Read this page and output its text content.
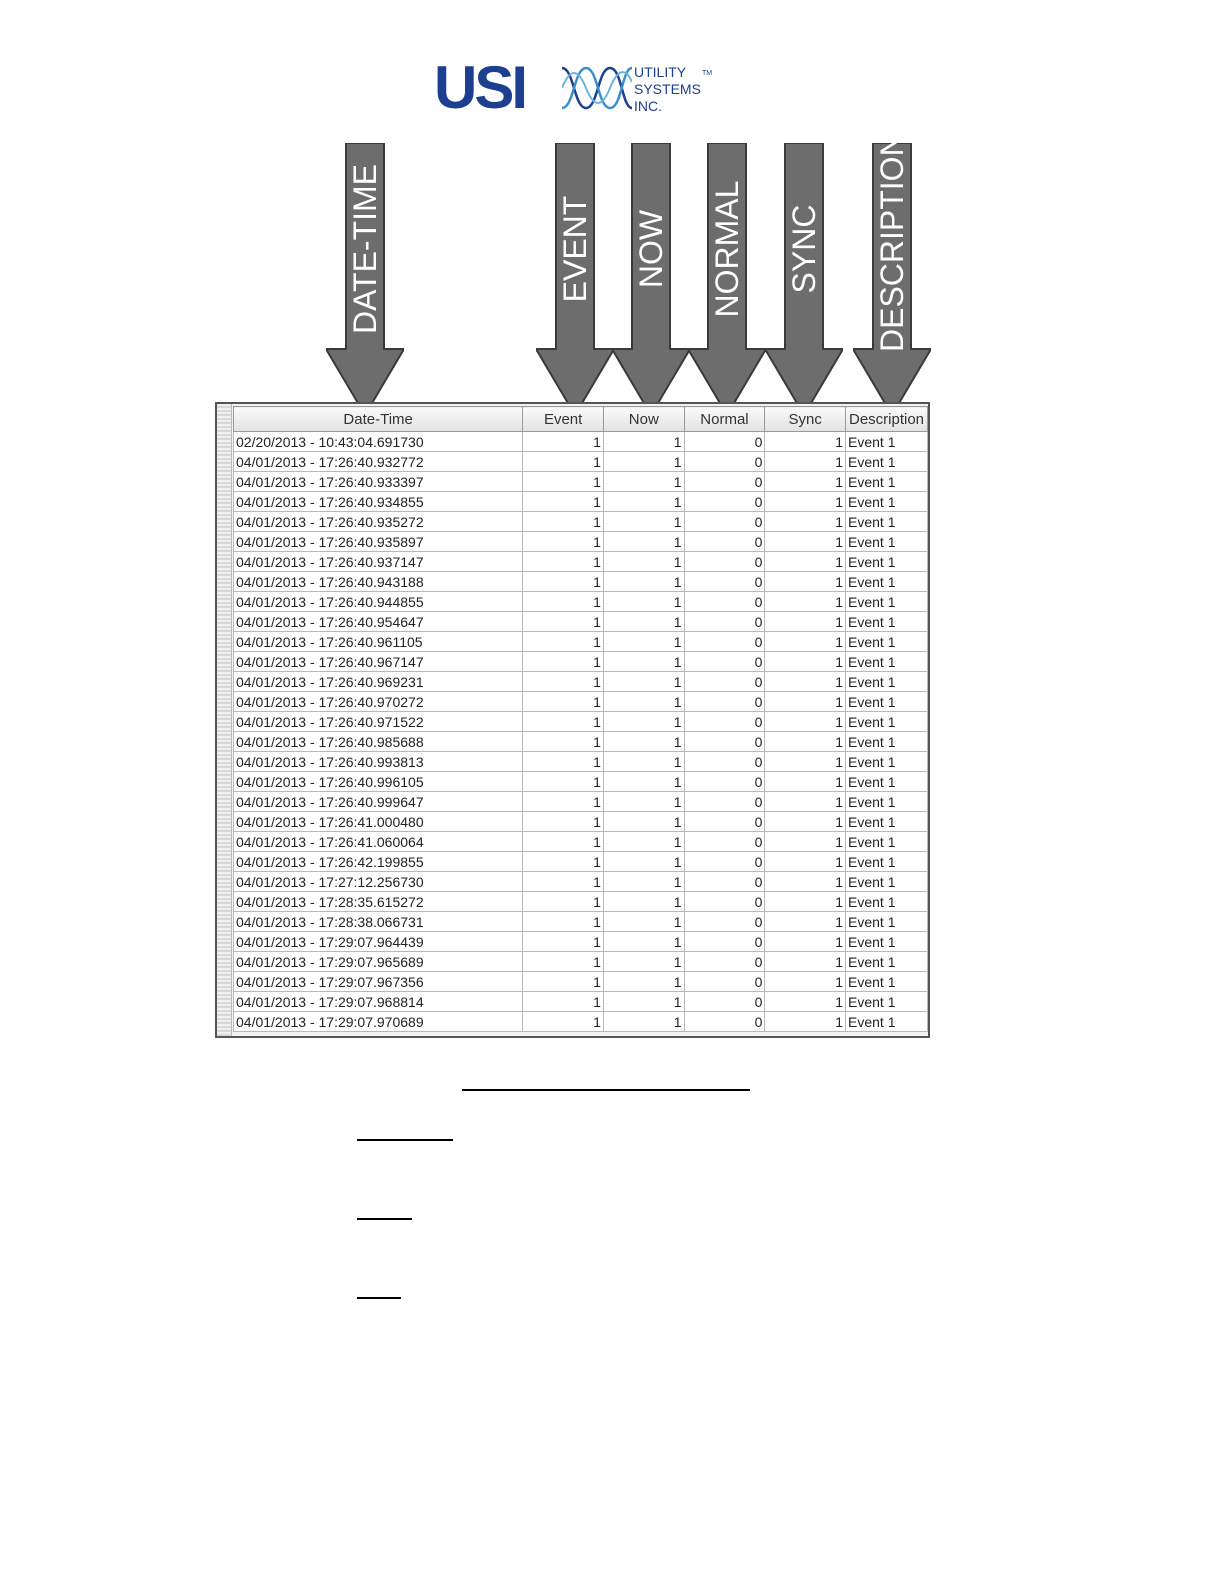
USI	UTILITY
SYSTEMS
INC.
TM
DATE-TIME	EVENT NOW NORMAL SYNC DESCRIPTION
Date-Time	Event	Now	Normal	Sync	Description
02/20/2013 - 10:43:04.691730	1	1	0	1	Event 1
04/01/2013 - 17:26:40.932772	1	1	0	1	Event 1
04/01/2013 - 17:26:40.933397	1	1	0	1	Event 1
04/01/2013 - 17:26:40.934855	1	1	0	1	Event 1
04/01/2013 - 17:26:40.935272	1	1	0	1	Event 1
04/01/2013 - 17:26:40.935897	1	1	0	1	Event 1
04/01/2013 - 17:26:40.937147	1	1	0	1	Event 1
04/01/2013 - 17:26:40.943188	1	1	0	1	Event 1
04/01/2013 - 17:26:40.944855	1	1	0	1	Event 1
04/01/2013 - 17:26:40.954647	1	1	0	1	Event 1
04/01/2013 - 17:26:40.961105	1	1	0	1	Event 1
04/01/2013 - 17:26:40.967147	1	1	0	1	Event 1
04/01/2013 - 17:26:40.969231	1	1	0	1	Event 1
04/01/2013 - 17:26:40.970272	1	1	0	1	Event 1
04/01/2013 - 17:26:40.971522	1	1	0	1	Event 1
04/01/2013 - 17:26:40.985688	1	1	0	1	Event 1
04/01/2013 - 17:26:40.993813	1	1	0	1	Event 1
04/01/2013 - 17:26:40.996105	1	1	0	1	Event 1
04/01/2013 - 17:26:40.999647	1	1	0	1	Event 1
04/01/2013 - 17:26:41.000480	1	1	0	1	Event 1
04/01/2013 - 17:26:41.060064	1	1	0	1	Event 1
04/01/2013 - 17:26:42.199855	1	1	0	1	Event 1
04/01/2013 - 17:27:12.256730	1	1	0	1	Event 1
04/01/2013 - 17:28:35.615272	1	1	0	1	Event 1
04/01/2013 - 17:28:38.066731	1	1	0	1	Event 1
04/01/2013 - 17:29:07.964439	1	1	0	1	Event 1
04/01/2013 - 17:29:07.965689	1	1	0	1	Event 1
04/01/2013 - 17:29:07.967356	1	1	0	1	Event 1
04/01/2013 - 17:29:07.968814	1	1	0	1	Event 1
04/01/2013 - 17:29:07.970689	1	1	0	1	Event 1
